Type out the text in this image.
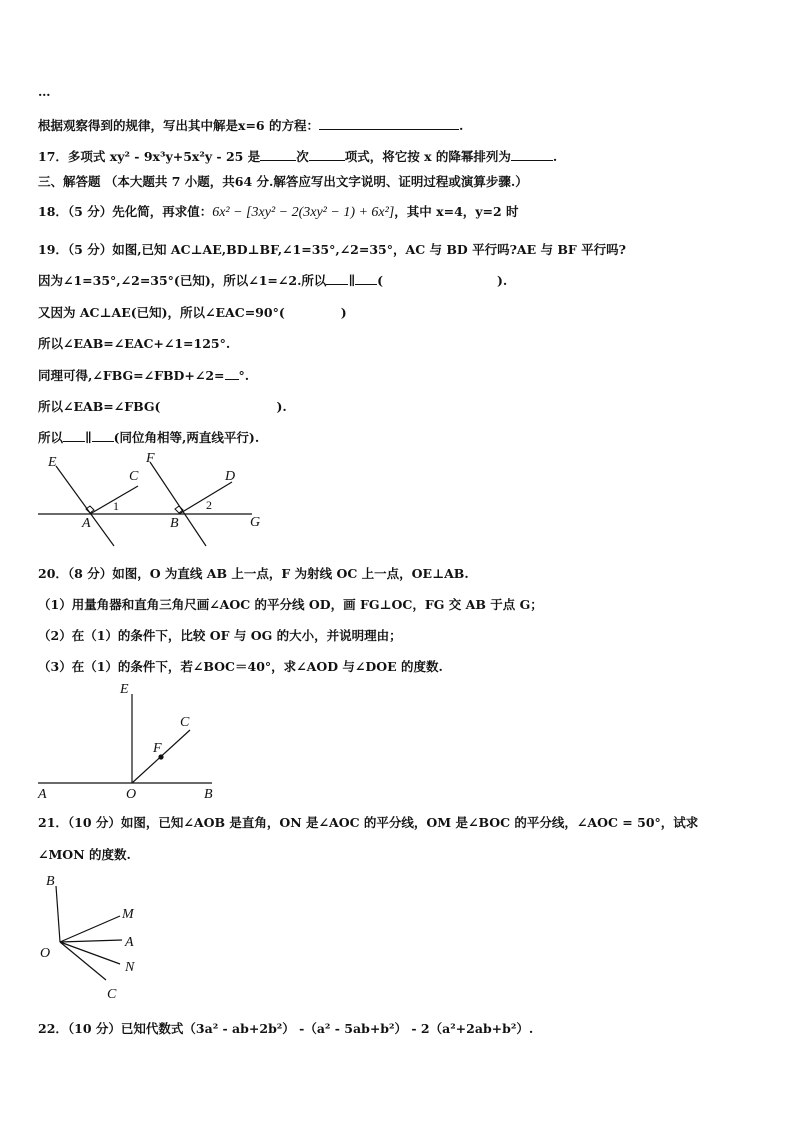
…
根据观察得到的规律，写出其中解是x=6 的方程：	.
17．多项式 xy² - 9x³y+5x²y - 25 是	次	项式，将它按 x 的降幂排列为	.
三、解答题 （本大题共 7 小题，共64 分.解答应写出文字说明、证明过程或演算步骤.）
18．（5 分）先化简，再求值：6x² − [3xy² − 2(3xy² − 1) + 6x²]，其中 x=4，y=2 时
19．（5 分）如图,已知 AC⊥AE,BD⊥BF,∠1=35°,∠2=35°，AC 与 BD 平行吗?AE 与 BF 平行吗?
因为∠1=35°,∠2=35°(已知)，所以∠1=∠2.所以 ∥ (	).
又因为 AC⊥AE(已知)，所以∠EAC=90°(	)
所以∠EAB=∠EAC+∠1=125°.
同理可得,∠FBG=∠FBD+∠2= °.
所以∠EAB=∠FBG(	).
所以 ∥ (同位角相等,两直线平行).
E
C
F
D
A	B	G
1	2
20．（8 分）如图，O 为直线 AB 上一点，F 为射线 OC 上一点，OE⊥AB.
（1）用量角器和直角三角尺画∠AOC 的平分线 OD，画 FG⊥OC，FG 交 AB 于点 G；
（2）在（1）的条件下，比较 OF 与 OG 的大小，并说明理由；
（3）在（1）的条件下，若∠BOC＝40°，求∠AOD 与∠DOE 的度数.
E
C
F
A	O	B
21．（10 分）如图，已知∠AOB 是直角，ON 是∠AOC 的平分线，OM 是∠BOC 的平分线，∠AOC = 50°，试求
∠MON 的度数.
B
M
A
O
N
C
22．（10 分）已知代数式（3a² - ab+2b²） -（a² - 5ab+b²） - 2（a²+2ab+b²）.
